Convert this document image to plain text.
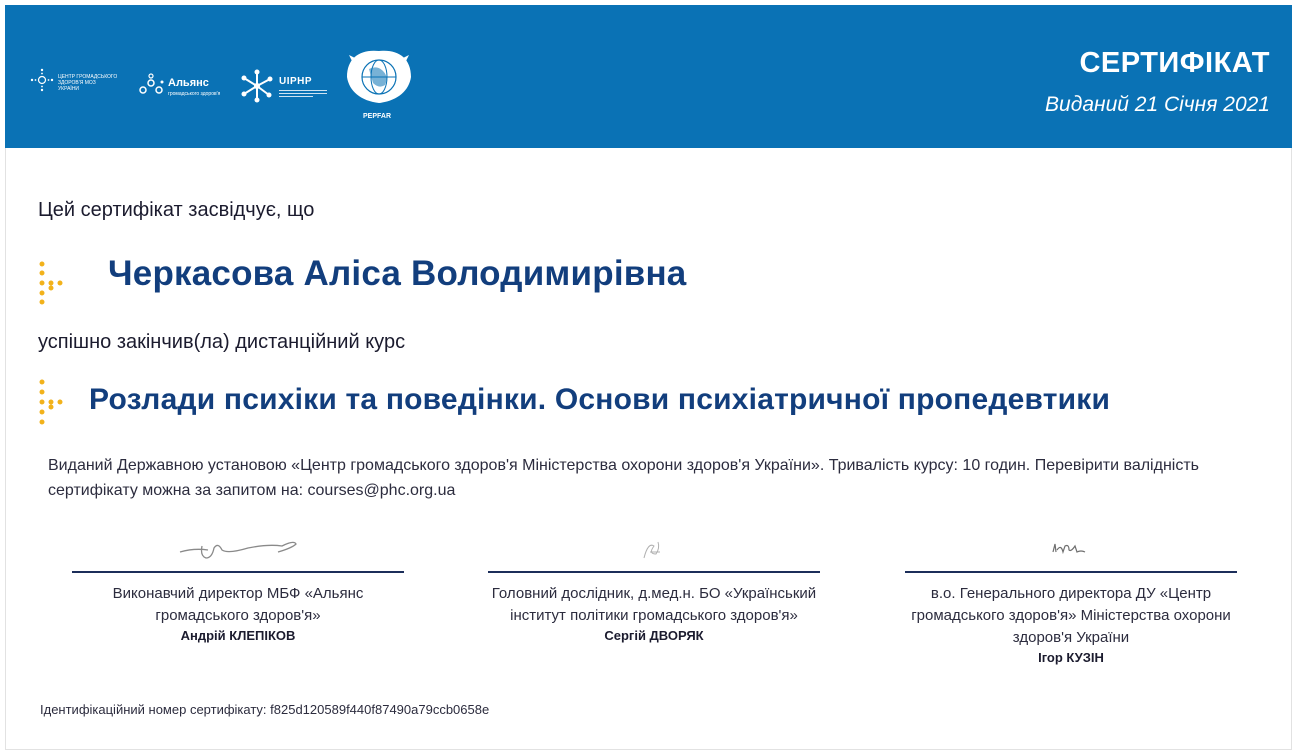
ЦЕНТР ГРОМАДСЬКОГО ЗДОРОВ'Я МОЗ УКРАЇНИ	Альянс
громадського здоров'я
UIPHP
PEPFAR
СЕРТИФІКАТ
Виданий 21 Січня 2021
Цей сертифікат засвідчує, що
Черкасова Аліса Володимирівна
успішно закінчив(ла) дистанційний курс
Розлади психіки та поведінки. Основи психіатричної пропедевтики
Виданий Державною установою «Центр громадського здоров'я Міністерства охорони здоров'я України». Тривалість курсу: 10 годин. Перевірити валідність сертифікату можна за запитом на: courses@phc.org.ua
Виконавчий директор МБФ «Альянс громадського здоров'я»
Андрій КЛЕПІКОВ
Головний дослідник, д.мед.н. БО «Український інститут політики громадського здоров'я»
Сергій ДВОРЯК
в.о. Генерального директора ДУ «Центр громадського здоров'я» Міністерства охорони здоров'я України
Ігор КУЗІН
Ідентифікаційний номер сертифікату: f825d120589f440f87490a79ccb0658e
